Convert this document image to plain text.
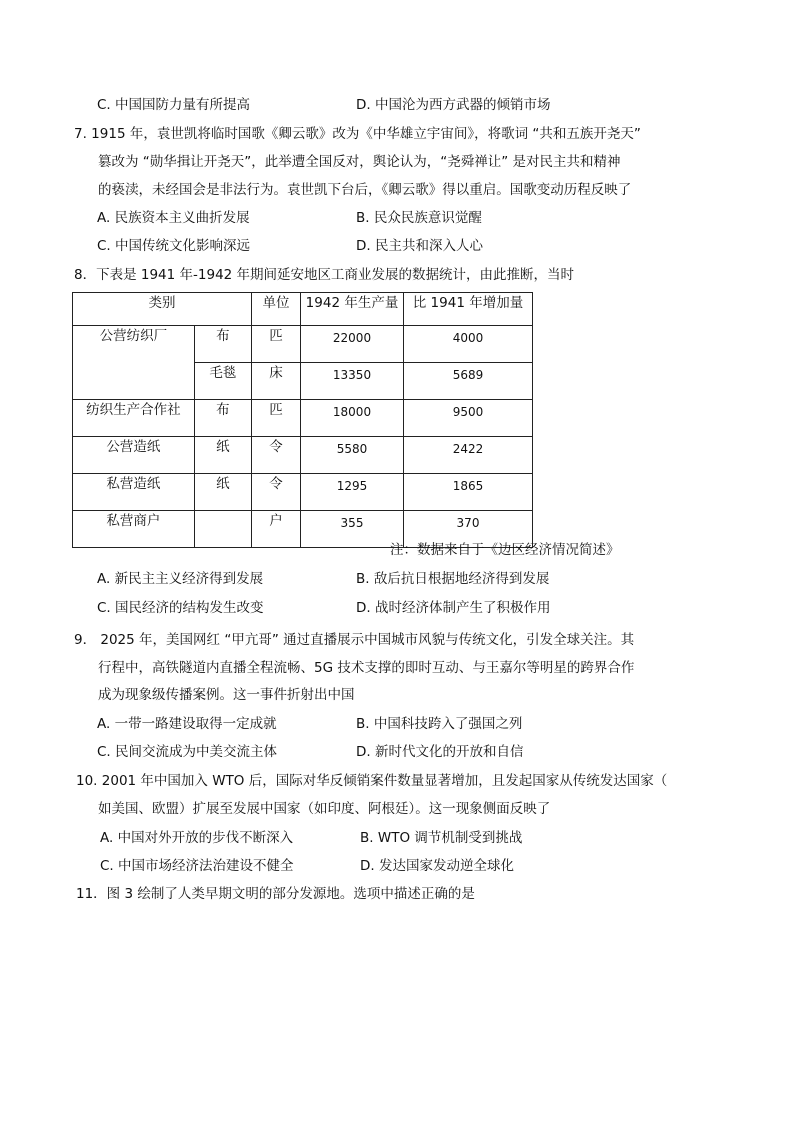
C. 中国国防力量有所提高	D. 中国沦为西方武器的倾销市场
7. 1915 年，袁世凯将临时国歌《卿云歌》改为《中华雄立宇宙间》，将歌词 “共和五族开尧天”
篡改为 “勋华揖让开尧天”，此举遭全国反对，舆论认为，“尧舜禅让” 是对民主共和精神
的亵渎，未经国会是非法行为。袁世凯下台后，《卿云歌》得以重启。国歌变动历程反映了
A. 民族资本主义曲折发展	B. 民众民族意识觉醒
C. 中国传统文化影响深远	D. 民主共和深入人心
8．下表是 1941 年-1942 年期间延安地区工商业发展的数据统计，由此推断，当时
类别		单位	1942 年生产量	比 1941 年增加量
公营纺织厂	布	匹	22000	4000
	毛毯	床	13350	5689
纺织生产合作社	布	匹	18000	9500
公营造纸	纸	令	5580	2422
私营造纸	纸	令	1295	1865
私营商户		户	355	370
注：数据来自于《边区经济情况简述》
A. 新民主主义经济得到发展	B. 敌后抗日根据地经济得到发展
C. 国民经济的结构发生改变	D. 战时经济体制产生了积极作用
9． 2025 年，美国网红 “甲亢哥” 通过直播展示中国城市风貌与传统文化，引发全球关注。其
行程中，高铁隧道内直播全程流畅、5G 技术支撑的即时互动、与王嘉尔等明星的跨界合作
成为现象级传播案例。这一事件折射出中国
A. 一带一路建设取得一定成就	B. 中国科技跨入了强国之列
C. 民间交流成为中美交流主体	D. 新时代文化的开放和自信
10. 2001 年中国加入 WTO 后，国际对华反倾销案件数量显著增加，且发起国家从传统发达国家（
如美国、欧盟）扩展至发展中国家（如印度、阿根廷）。这一现象侧面反映了
A. 中国对外开放的步伐不断深入	B. WTO 调节机制受到挑战
C. 中国市场经济法治建设不健全	D. 发达国家发动逆全球化
11．图 3 绘制了人类早期文明的部分发源地。选项中描述正确的是
